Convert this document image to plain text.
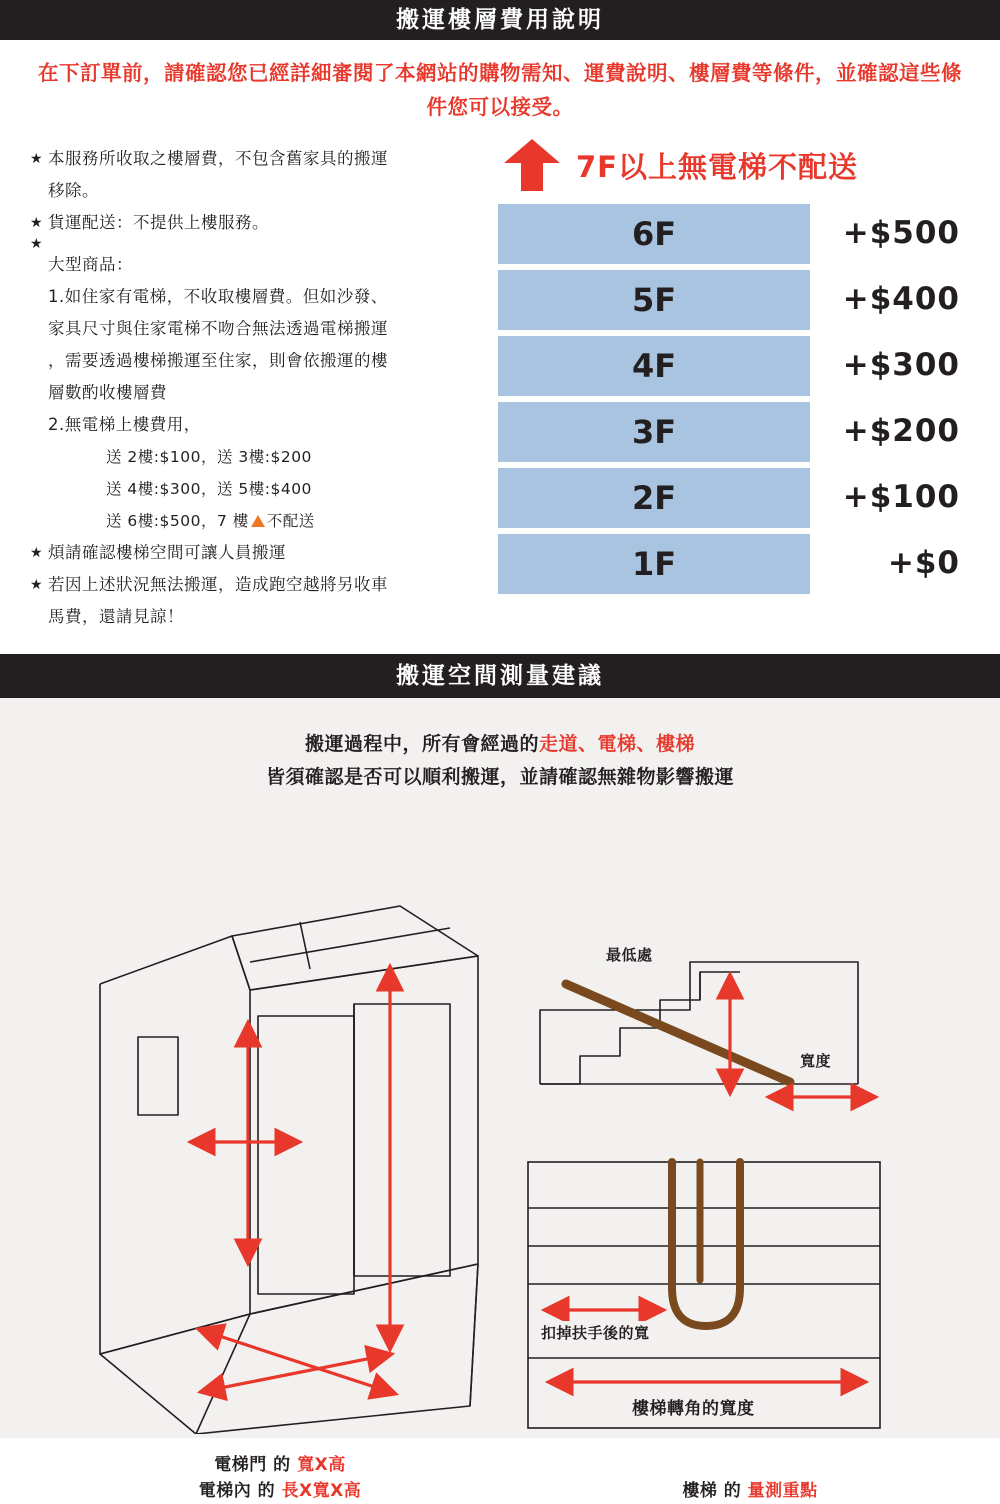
搬運樓層費用說明
在下訂單前，請確認您已經詳細審閱了本網站的購物需知、運費說明、樓層費等條件，並確認這些條件您可以接受。
★ 本服務所收取之樓層費，不包含舊家具的搬運
移除。
★ 貨運配送：不提供上樓服務。
★
大型商品：
1.如住家有電梯，不收取樓層費。但如沙發、
家具尺寸與住家電梯不吻合無法透過電梯搬運
，需要透過樓梯搬運至住家，則會依搬運的樓
層數酌收樓層費
2.無電梯上樓費用，
送 2樓:$100，送 3樓:$200
送 4樓:$300，送 5樓:$400
送 6樓:$500，7 樓 不配送
★ 煩請確認樓梯空間可讓人員搬運
★ 若因上述狀況無法搬運，造成跑空越將另收車
馬費，還請見諒！
7F以上無電梯不配送
6F	+$500
5F	+$400
4F	+$300
3F	+$200
2F	+$100
1F	+$0
搬運空間測量建議
搬運過程中，所有會經過的走道、電梯、樓梯
皆須確認是否可以順利搬運，並請確認無雜物影響搬運
最低處
寬度
扣掉扶手後的寬
樓梯轉角的寬度
電梯門 的 寬X高
電梯內 的 長X寬X高	樓梯 的 量測重點
